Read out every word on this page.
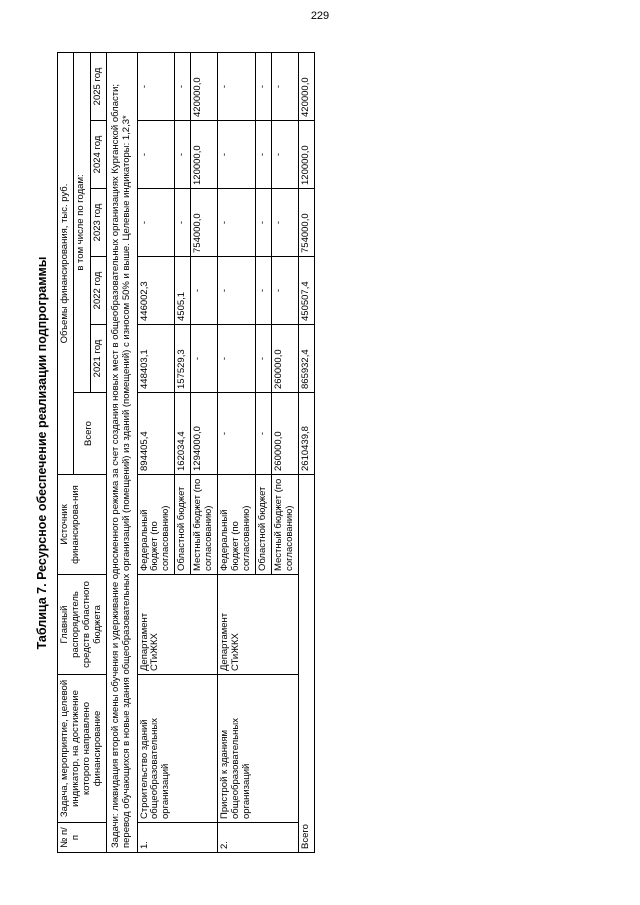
229
Таблица 7. Ресурсное обеспечение реализации подпрограммы
№ п/п	Задача, мероприятие, целевой индикатор, на достижение которого направлено финансирование	Главный распорядитель средств областного бюджета	Источник финансирова-ния	Объемы финансирования, тыс. руб.					
				Всего	в том числе по годам:				
					2021 год	2022 год	2023 год	2024 год	2025 год
Задачи: ликвидация второй смены обучения и удерживание односменного режима за счет создания новых мест в общеобразовательных организациях Курганской области; перевод обучающихся в новые здания общеобразовательных организаций (помещений) из зданий (помещений) с износом 50% и выше. Целевые индикаторы: 1,2,3*									
1.	Строительство зданий общеобразовательных организаций	Департамент СТиЖКХ	Федеральный бюджет (по согласованию)	894405,4	448403,1	446002,3	-	-	-
			Областной бюджет	162034,4	157529,3	4505,1	-	-	-
			Местный бюджет (по согласованию)	1294000,0	-	-	754000,0	120000,0	420000,0
2.	Пристрой к зданиям общеобразовательных организаций	Департамент СТиЖКХ	Федеральный бюджет (по согласованию)	-	-	-	-	-	-
			Областной бюджет	-	-	-	-	-	-
			Местный бюджет (по согласованию)	260000,0	260000,0	-	-	-	-
Всего				2610439,8	865932,4	450507,4	754000,0	120000,0	420000,0
